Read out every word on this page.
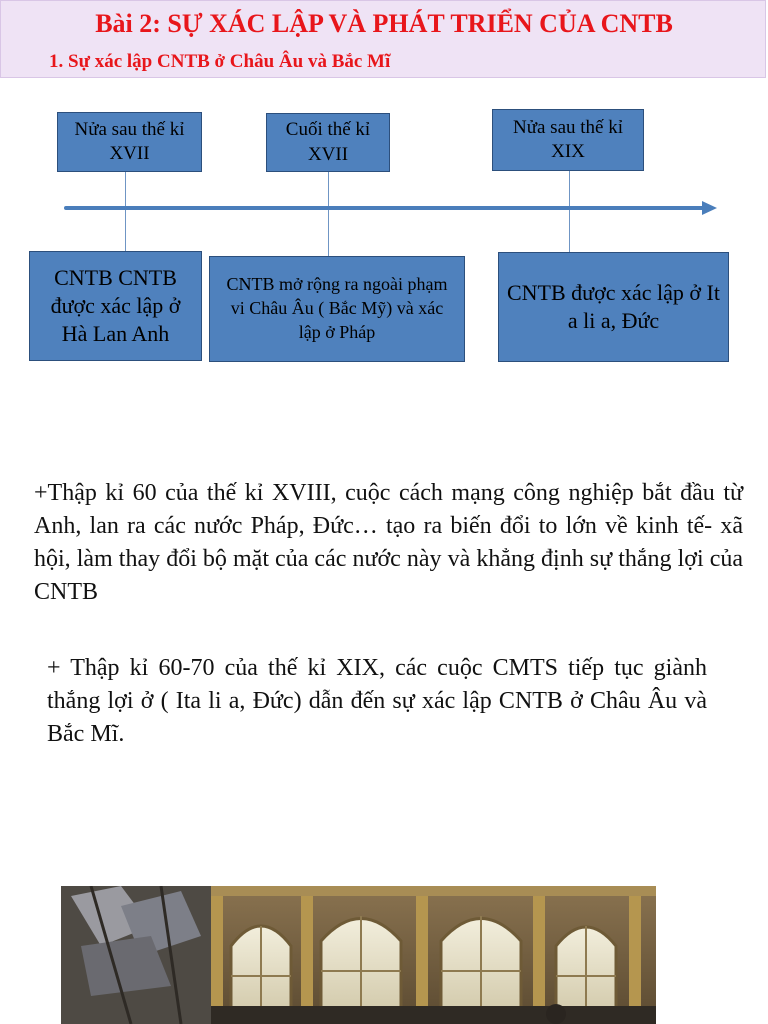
Bài 2: SỰ XÁC LẬP VÀ PHÁT TRIỂN CỦA CNTB
1. Sự xác lập CNTB ở Châu Âu và Bắc Mĩ
Nửa sau thế kỉ XVII
Cuối thế kỉ XVII
Nửa sau thế kỉ XIX
CNTB CNTB được xác lập ở Hà Lan Anh
CNTB mở rộng ra ngoài phạm vi Châu Âu ( Bắc Mỹ) và xác lập ở Pháp
CNTB được xác lập ở It a li a, Đức
+Thập kỉ 60 của thế kỉ XVIII, cuộc cách mạng công nghiệp bắt đầu từ Anh, lan ra các nước Pháp, Đức… tạo ra biến đổi to lớn về kinh tế- xã hội, làm thay đổi bộ mặt của các nước này và khẳng định sự thắng lợi của CNTB
+ Thập kỉ 60-70 của thế kỉ XIX, các cuộc CMTS tiếp tục giành thắng lợi ở ( Ita li a, Đức) dẫn đến sự xác lập CNTB ở Châu Âu và Bắc Mĩ.
